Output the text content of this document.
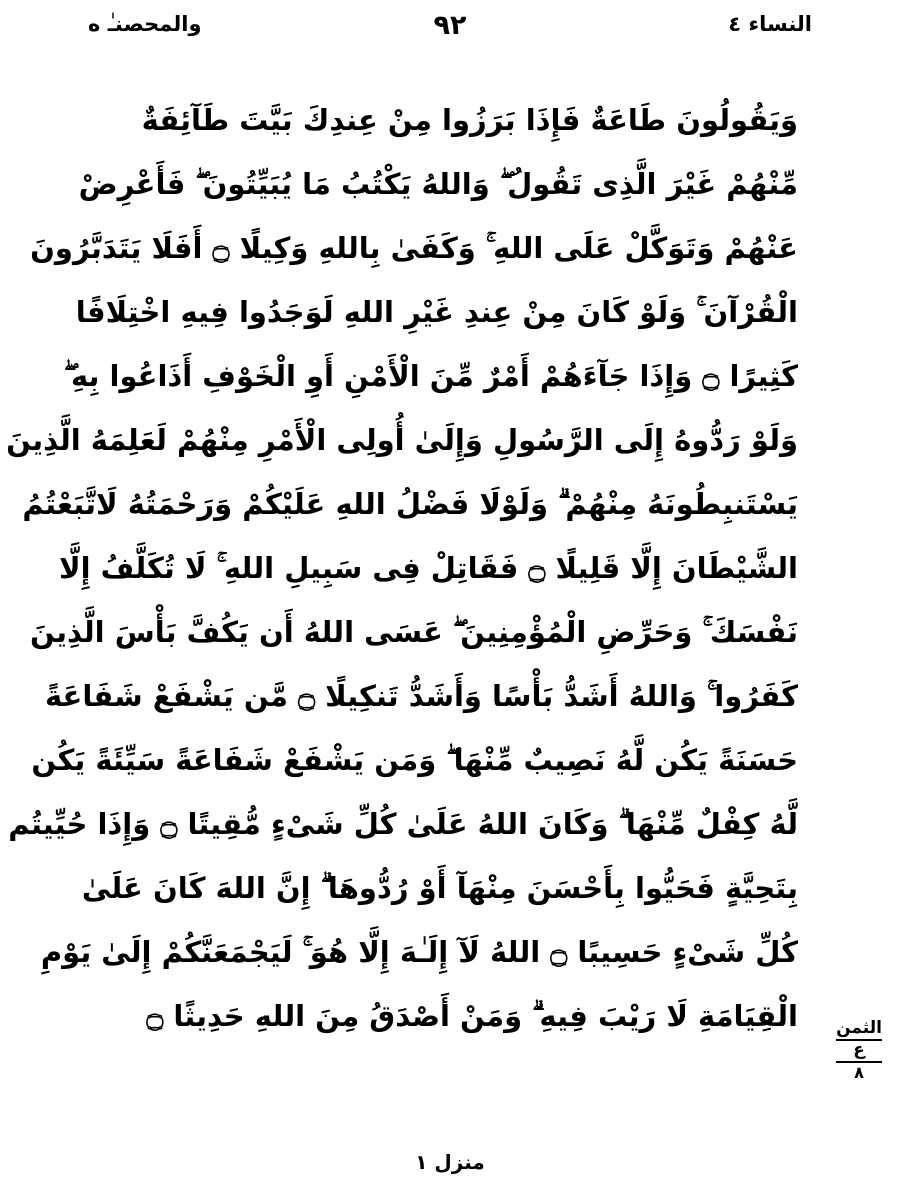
النساء ٤
٩٢
والمحصنـٰ ه
وَيَقُولُونَ طَاعَةٌ فَإِذَا بَرَزُوا مِنْ عِندِكَ بَيَّتَ طَآئِفَةٌ
مِّنْهُمْ غَيْرَ الَّذِى تَقُولُ ۖ وَاللهُ يَكْتُبُ مَا يُبَيِّتُونَ ۖ فَأَعْرِضْ
عَنْهُمْ وَتَوَكَّلْ عَلَى اللهِ ۚ وَكَفَىٰ بِاللهِ وَكِيلًا ۝ أَفَلَا يَتَدَبَّرُونَ
الْقُرْآنَ ۚ وَلَوْ كَانَ مِنْ عِندِ غَيْرِ اللهِ لَوَجَدُوا فِيهِ اخْتِلَافًا
كَثِيرًا ۝ وَإِذَا جَآءَهُمْ أَمْرٌ مِّنَ الْأَمْنِ أَوِ الْخَوْفِ أَذَاعُوا بِهِ ۖ
وَلَوْ رَدُّوهُ إِلَى الرَّسُولِ وَإِلَىٰ أُولِى الْأَمْرِ مِنْهُمْ لَعَلِمَهُ الَّذِينَ
يَسْتَنبِطُونَهُ مِنْهُمْ ۗ وَلَوْلَا فَضْلُ اللهِ عَلَيْكُمْ وَرَحْمَتُهُ لَاتَّبَعْتُمُ
الشَّيْطَانَ إِلَّا قَلِيلًا ۝ فَقَاتِلْ فِى سَبِيلِ اللهِ ۚ لَا تُكَلَّفُ إِلَّا
نَفْسَكَ ۚ وَحَرِّضِ الْمُؤْمِنِينَ ۖ عَسَى اللهُ أَن يَكُفَّ بَأْسَ الَّذِينَ
كَفَرُوا ۚ وَاللهُ أَشَدُّ بَأْسًا وَأَشَدُّ تَنكِيلًا ۝ مَّن يَشْفَعْ شَفَاعَةً
حَسَنَةً يَكُن لَّهُ نَصِيبٌ مِّنْهَا ۖ وَمَن يَشْفَعْ شَفَاعَةً سَيِّئَةً يَكُن
لَّهُ كِفْلٌ مِّنْهَا ۗ وَكَانَ اللهُ عَلَىٰ كُلِّ شَىْءٍ مُّقِيتًا ۝ وَإِذَا حُيِّيتُم
بِتَحِيَّةٍ فَحَيُّوا بِأَحْسَنَ مِنْهَآ أَوْ رُدُّوهَا ۗ إِنَّ اللهَ كَانَ عَلَىٰ
كُلِّ شَىْءٍ حَسِيبًا ۝ اللهُ لَآ إِلَـٰهَ إِلَّا هُوَ ۚ لَيَجْمَعَنَّكُمْ إِلَىٰ يَوْمِ
الْقِيَامَةِ لَا رَيْبَ فِيهِ ۗ وَمَنْ أَصْدَقُ مِنَ اللهِ حَدِيثًا ۝ الثمن
ع
٨
منزل ١
